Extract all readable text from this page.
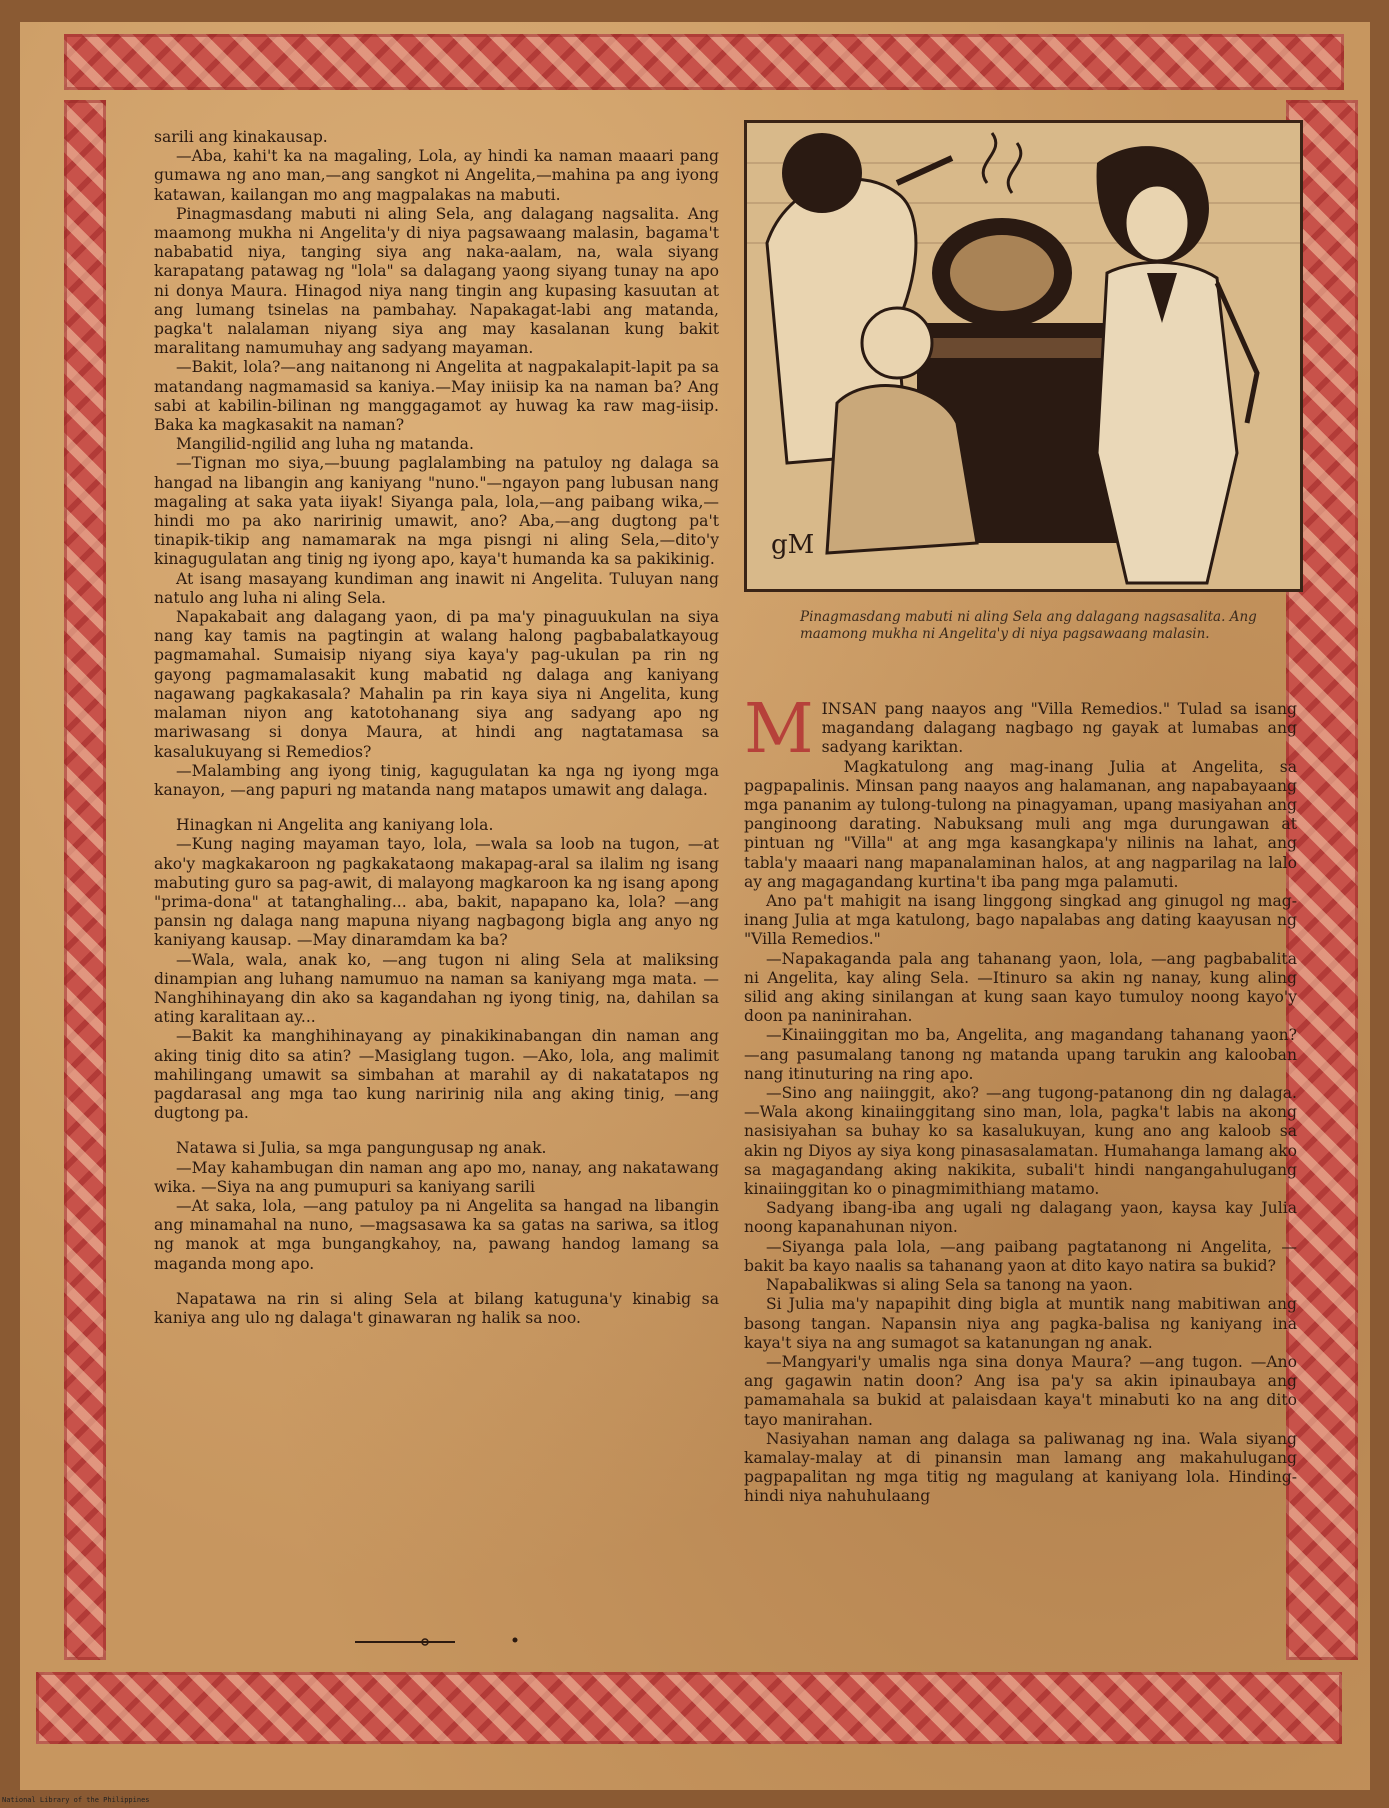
sarili ang kinakausap.

—Aba, kahi't ka na magaling, Lola, ay hindi ka naman maaari pang gumawa ng ano man,—ang sangkot ni Angelita,—mahina pa ang iyong katawan, kailangan mo ang magpalakas na mabuti.

Pinagmasdang mabuti ni aling Sela, ang dalagang nagsalita. Ang maamong mukha ni Angelita'y di niya pagsawaang malasin, bagama't nababatid niya, tanging siya ang naka-aalam, na, wala siyang karapatang patawag ng "lola" sa dalagang yaong siyang tunay na apo ni donya Maura. Hinagod niya nang tingin ang kupasing kasuutan at ang lumang tsinelas na pambahay. Napakagat-labi ang matanda, pagka't nalalaman niyang siya ang may kasalanan kung bakit maralitang namumuhay ang sadyang mayaman.

—Bakit, lola?—ang naitanong ni Angelita at nagpakalapit-lapit pa sa matandang nagmamasid sa kaniya.—May iniisip ka na naman ba? Ang sabi at kabilin-bilinan ng manggagamot ay huwag ka raw mag-iisip. Baka ka magkasakit na naman?

Mangilid-ngilid ang luha ng matanda.

—Tignan mo siya,—buung paglalambing na patuloy ng dalaga sa hangad na libangin ang kaniyang "nuno."—ngayon pang lubusan nang magaling at saka yata iiyak! Siyanga pala, lola,—ang paibang wika,—hindi mo pa ako naririnig umawit, ano? Aba,—ang dugtong pa't tinapik-tikip ang namamarak na mga pisngi ni aling Sela,—dito'y kinagugulatan ang tinig ng iyong apo, kaya't humanda ka sa pakikinig.

At isang masayang kundiman ang inawit ni Angelita. Tuluyan nang natulo ang luha ni aling Sela.

Napakabait ang dalagang yaon, di pa ma'y pinaguukulan na siya nang kay tamis na pagtingin at walang halong pagbabalatkayoug pagmamahal. Sumaisip niyang siya kaya'y pag-ukulan pa rin ng gayong pagmamalasakit kung mabatid ng dalaga ang kaniyang nagawang pagkakasala? Mahalin pa rin kaya siya ni Angelita, kung malaman niyon ang katotohanang siya ang sadyang apo ng mariwasang si donya Maura, at hindi ang nagtatamasa sa kasalukuyang si Remedios?

—Malambing ang iyong tinig, kagugulatan ka nga ng iyong mga kanayon, —ang papuri ng matanda nang matapos umawit ang dalaga.

Hinagkan ni Angelita ang kaniyang lola.

—Kung naging mayaman tayo, lola, —wala sa loob na tugon, —at ako'y magkakaroon ng pagkakataong makapag-aral sa ilalim ng isang mabuting guro sa pag-awit, di malayong magkaroon ka ng isang apong "prima-dona" at tatanghaling... aba, bakit, napapano ka, lola? —ang pansin ng dalaga nang mapuna niyang nagbagong bigla ang anyo ng kaniyang kausap. —May dinaramdam ka ba?

—Wala, wala, anak ko, —ang tugon ni aling Sela at maliksing dinampian ang luhang namumuo na naman sa kaniyang mga mata. —Nanghihinayang din ako sa kagandahan ng iyong tinig, na, dahilan sa ating karalitaan ay...

—Bakit ka manghihinayang ay pinakikinabangan din naman ang aking tinig dito sa atin? —Masiglang tugon. —Ako, lola, ang malimit mahilingang umawit sa simbahan at marahil ay di nakatatapos ng pagdarasal ang mga tao kung naririnig nila ang aking tinig, —ang dugtong pa.

Natawa si Julia, sa mga pangungusap ng anak.

—May kahambugan din naman ang apo mo, nanay, ang nakatawang wika. —Siya na ang pumupuri sa kaniyang sarili

—At saka, lola, —ang patuloy pa ni Angelita sa hangad na libangin ang minamahal na nuno, —magsasawa ka sa gatas na sariwa, sa itlog ng manok at mga bungangkahoy, na, pawang handog lamang sa maganda mong apo.

Napatawa na rin si aling Sela at bilang katuguna'y kinabig sa kaniya ang ulo ng dalaga't ginawaran ng halik sa noo.

gM
Pinagmasdang mabuti ni aling Sela ang dalagang nagsasalita. Ang maamong mukha ni Angelita'y di niya pagsawaang malasin.

MINSAN pang naayos ang "Villa Remedios." Tulad sa isang magandang dalagang nagbago ng gayak at lumabas ang sadyang kariktan.

Magkatulong ang mag-inang Julia at Angelita, sa pagpapalinis. Minsan pang naayos ang halamanan, ang napabayaang mga pananim ay tulong-tulong na pinagyaman, upang masiyahan ang panginoong darating. Nabuksang muli ang mga durungawan at pintuan ng "Villa" at ang mga kasangkapa'y nilinis na lahat, ang tabla'y maaari nang mapanalaminan halos, at ang nagparilag na lalo ay ang magagandang kurtina't iba pang mga palamuti.

Ano pa't mahigit na isang linggong singkad ang ginugol ng mag-inang Julia at mga katulong, bago napalabas ang dating kaayusan ng "Villa Remedios."

—Napakaganda pala ang tahanang yaon, lola, —ang pagbabalita ni Angelita, kay aling Sela. —Itinuro sa akin ng nanay, kung aling silid ang aking sinilangan at kung saan kayo tumuloy noong kayo'y doon pa naninirahan.

—Kinaiinggitan mo ba, Angelita, ang magandang tahanang yaon?—ang pasumalang tanong ng matanda upang tarukin ang kalooban nang itinuturing na ring apo.

—Sino ang naiinggit, ako? —ang tugong-patanong din ng dalaga. —Wala akong kinaiinggitang sino man, lola, pagka't labis na akong nasisiyahan sa buhay ko sa kasalukuyan, kung ano ang kaloob sa akin ng Diyos ay siya kong pinasasalamatan. Humahanga lamang ako sa magagandang aking nakikita, subali't hindi nangangahulugang kinaiinggitan ko o pinagmimithiang matamo.

Sadyang ibang-iba ang ugali ng dalagang yaon, kaysa kay Julia noong kapanahunan niyon.

—Siyanga pala lola, —ang paibang pagtatanong ni Angelita, —bakit ba kayo naalis sa tahanang yaon at dito kayo natira sa bukid?

Napabalikwas si aling Sela sa tanong na yaon.

Si Julia ma'y napapihit ding bigla at muntik nang mabitiwan ang basong tangan. Napansin niya ang pagka-balisa ng kaniyang ina kaya't siya na ang sumagot sa katanungan ng anak.

—Mangyari'y umalis nga sina donya Maura? —ang tugon. —Ano ang gagawin natin doon? Ang isa pa'y sa akin ipinaubaya ang pamamahala sa bukid at palaisdaan kaya't minabuti ko na ang dito tayo manirahan.

Nasiyahan naman ang dalaga sa paliwanag ng ina. Wala siyang kamalay-malay at di pinansin man lamang ang makahulugang pagpapalitan ng mga titig ng magulang at kaniyang lola. Hinding-hindi niya nahuhulaang

National Library of the Philippines
